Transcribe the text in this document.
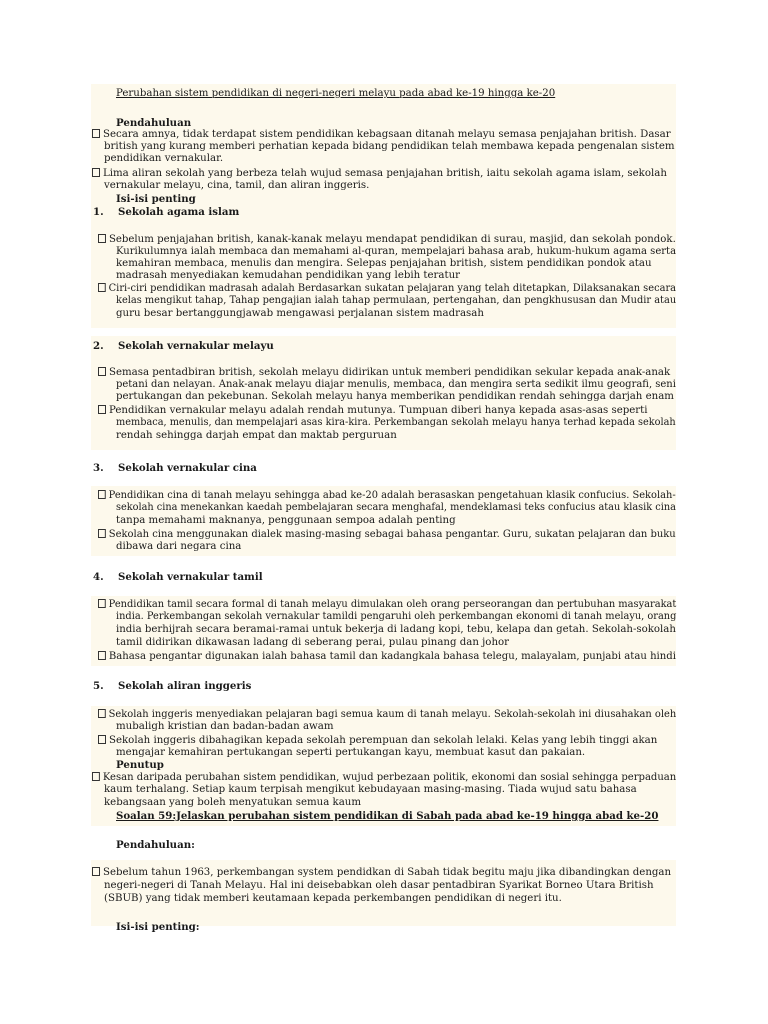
Perubahan sistem pendidikan di negeri-negeri melayu pada abad ke-19 hingga ke-20
Pendahuluan
Secara amnya, tidak terdapat sistem pendidikan kebagsaan ditanah melayu semasa penjajahan british. Dasar
british yang kurang memberi perhatian kepada bidang pendidikan telah membawa kepada pengenalan sistem
pendidikan vernakular.
Lima aliran sekolah yang berbeza telah wujud semasa penjajahan british, iaitu sekolah agama islam, sekolah
vernakular melayu, cina, tamil, dan aliran inggeris.
Isi-isi penting
1. Sekolah agama islam
Sebelum penjajahan british, kanak-kanak melayu mendapat pendidikan di surau, masjid, dan sekolah pondok.
Kurikulumnya ialah membaca dan memahami al-quran, mempelajari bahasa arab, hukum-hukum agama serta
kemahiran membaca, menulis dan mengira. Selepas penjajahan british, sistem pendidikan pondok atau
madrasah menyediakan kemudahan pendidikan yang lebih teratur
Ciri-ciri pendidikan madrasah adalah Berdasarkan sukatan pelajaran yang telah ditetapkan, Dilaksanakan secara
kelas mengikut tahap, Tahap pengajian ialah tahap permulaan, pertengahan, dan pengkhususan dan Mudir atau
guru besar bertanggungjawab mengawasi perjalanan sistem madrasah
2. Sekolah vernakular melayu
Semasa pentadbiran british, sekolah melayu didirikan untuk memberi pendidikan sekular kepada anak-anak
petani dan nelayan. Anak-anak melayu diajar menulis, membaca, dan mengira serta sedikit ilmu geografi, seni
pertukangan dan pekebunan. Sekolah melayu hanya memberikan pendidikan rendah sehingga darjah enam
Pendidikan vernakular melayu adalah rendah mutunya. Tumpuan diberi hanya kepada asas-asas seperti
membaca, menulis, dan mempelajari asas kira-kira. Perkembangan sekolah melayu hanya terhad kepada sekolah
rendah sehingga darjah empat dan maktab perguruan
3. Sekolah vernakular cina
Pendidikan cina di tanah melayu sehingga abad ke-20 adalah berasaskan pengetahuan klasik confucius. Sekolah-
sekolah cina menekankan kaedah pembelajaran secara menghafal, mendeklamasi teks confucius atau klasik cina
tanpa memahami maknanya, penggunaan sempoa adalah penting
Sekolah cina menggunakan dialek masing-masing sebagai bahasa pengantar. Guru, sukatan pelajaran dan buku
dibawa dari negara cina
4. Sekolah vernakular tamil
Pendidikan tamil secara formal di tanah melayu dimulakan oleh orang perseorangan dan pertubuhan masyarakat
india. Perkembangan sekolah vernakular tamildi pengaruhi oleh perkembangan ekonomi di tanah melayu, orang
india berhijrah secara beramai-ramai untuk bekerja di ladang kopi, tebu, kelapa dan getah. Sekolah-sokolah
tamil didirikan dikawasan ladang di seberang perai, pulau pinang dan johor
Bahasa pengantar digunakan ialah bahasa tamil dan kadangkala bahasa telegu, malayalam, punjabi atau hindi
5. Sekolah aliran inggeris
Sekolah inggeris menyediakan pelajaran bagi semua kaum di tanah melayu. Sekolah-sekolah ini diusahakan oleh
mubaligh kristian dan badan-badan awam
Sekolah inggeris dibahagikan kepada sekolah perempuan dan sekolah lelaki. Kelas yang lebih tinggi akan
mengajar kemahiran pertukangan seperti pertukangan kayu, membuat kasut dan pakaian.
Penutup
Kesan daripada perubahan sistem pendidikan, wujud perbezaan politik, ekonomi dan sosial sehingga perpaduan
kaum terhalang. Setiap kaum terpisah mengikut kebudayaan masing-masing. Tiada wujud satu bahasa
kebangsaan yang boleh menyatukan semua kaum
Soalan 59:Jelaskan perubahan sistem pendidikan di Sabah pada abad ke-19 hingga abad ke-20
Pendahuluan:
Sebelum tahun 1963, perkembangan system pendidkan di Sabah tidak begitu maju jika dibandingkan dengan
negeri-negeri di Tanah Melayu. Hal ini deisebabkan oleh dasar pentadbiran Syarikat Borneo Utara British
(SBUB) yang tidak memberi keutamaan kepada perkembangen pendidikan di negeri itu.
Isi-isi penting:
